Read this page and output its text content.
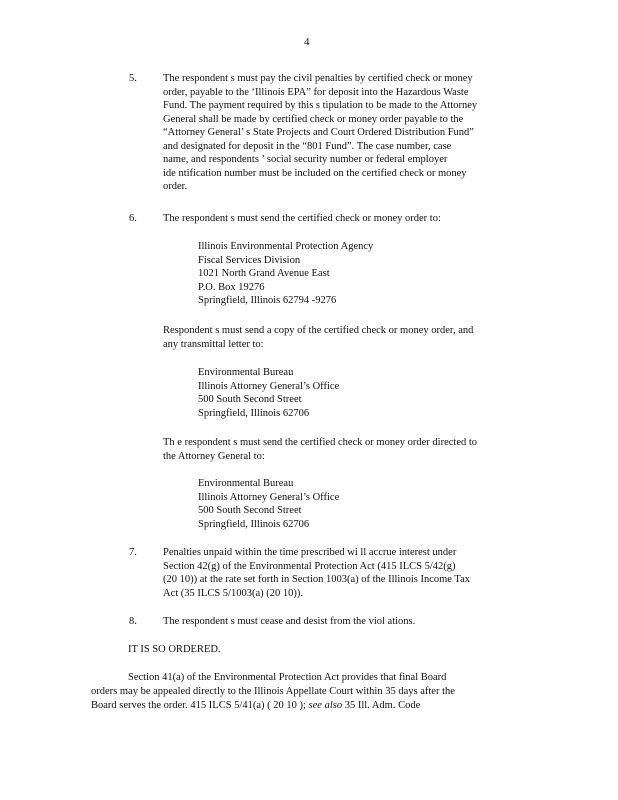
4
5. The respondent s must pay the civil penalties by certified check or money
order, payable to the ‘Illinois EPA” for deposit into the Hazardous Waste
Fund. The payment required by this s tipulation to be made to the Attorney
General shall be made by certified check or money order payable to the
“Attorney General’ s State Projects and Court Ordered Distribution Fund”
and designated for deposit in the “801 Fund”. The case number, case
name, and respondents ’ social security number or federal employer
ide ntification number must be included on the certified check or money
order.
6. The respondent s must send the certified check or money order to:
Illinois Environmental Protection Agency
Fiscal Services Division
1021 North Grand Avenue East
P.O. Box 19276
Springfield, Illinois 62794 -9276
Respondent s must send a copy of the certified check or money order, and
any transmittal letter to:
Environmental Bureau
Illinois Attorney General’s Office
500 South Second Street
Springfield, Illinois 62706
Th e respondent s must send the certified check or money order directed to
the Attorney General to:
Environmental Bureau
Illinois Attorney General’s Office
500 South Second Street
Springfield, Illinois 62706
7. Penalties unpaid within the time prescribed wi ll accrue interest under
Section 42(g) of the Environmental Protection Act (415 ILCS 5/42(g)
(20 10)) at the rate set forth in Section 1003(a) of the Illinois Income Tax
Act (35 ILCS 5/1003(a) (20 10)).
8. The respondent s must cease and desist from the viol ations.
IT IS SO ORDERED.
Section 41(a) of the Environmental Protection Act provides that final Board
orders may be appealed directly to the Illinois Appellate Court within 35 days after the
Board serves the order. 415 ILCS 5/41(a) ( 20 10 ); see also 35 Ill. Adm. Code
